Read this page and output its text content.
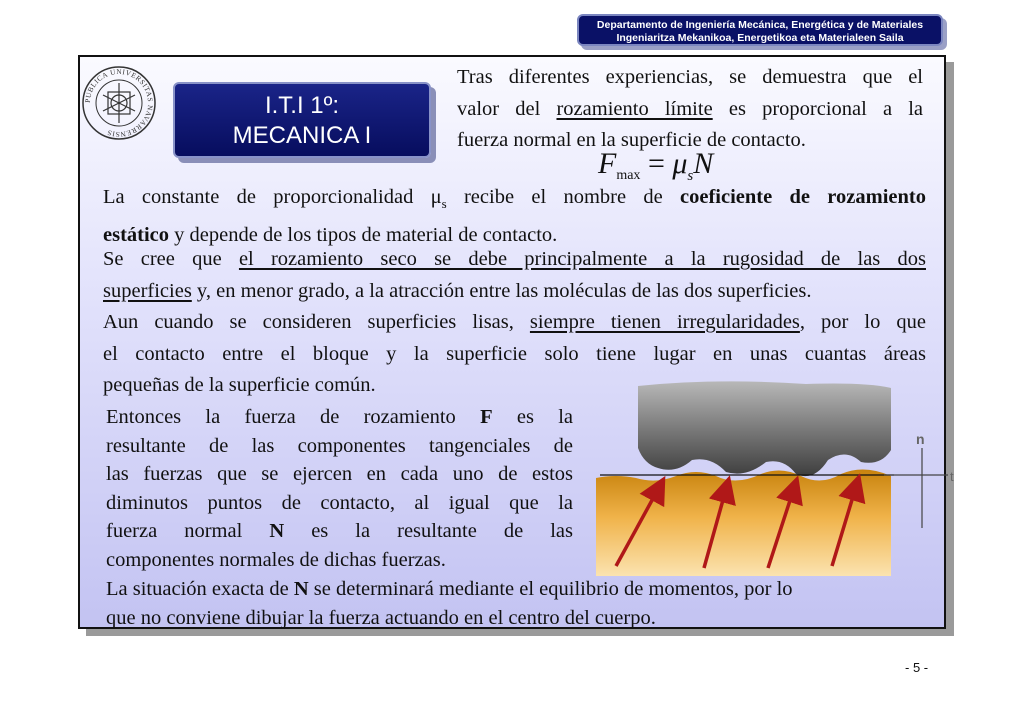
Departamento de Ingeniería Mecánica, Energética y de Materiales
Ingeniaritza Mekanikoa, Energetikoa eta Materialeen Saila
PUBLICA UNIVERSITAS NAVARRENSIS
I.T.I 1º:
MECANICA I
Tras diferentes experiencias, se demuestra que el
valor del rozamiento límite es proporcional a la
fuerza normal en la superficie de contacto.
$F_{max} = \mu_sN$
La constante de proporcionalidad $\mu_s$ recibe el nombre de coeficiente de rozamiento
estático y depende de los tipos de material de contacto.
Se cree que el rozamiento seco se debe principalmente a la rugosidad de las dos
superficies y, en menor grado, a la atracción entre las moléculas de las dos superficies.
Aun cuando se consideren superficies lisas, siempre tienen irregularidades, por lo que
el contacto entre el bloque y la superficie solo tiene lugar en unas cuantas áreas
pequeñas de la superficie común.
Entonces la fuerza de rozamiento F es la
resultante de las componentes tangenciales de
las fuerzas que se ejercen en cada uno de estos
diminutos puntos de contacto, al igual que la
fuerza normal N es la resultante de las
componentes normales de dichas fuerzas.
La situación exacta de N se determinará mediante el equilibrio de momentos, por lo
que no conviene dibujar la fuerza actuando en el centro del cuerpo.
n
t
- 5 -
